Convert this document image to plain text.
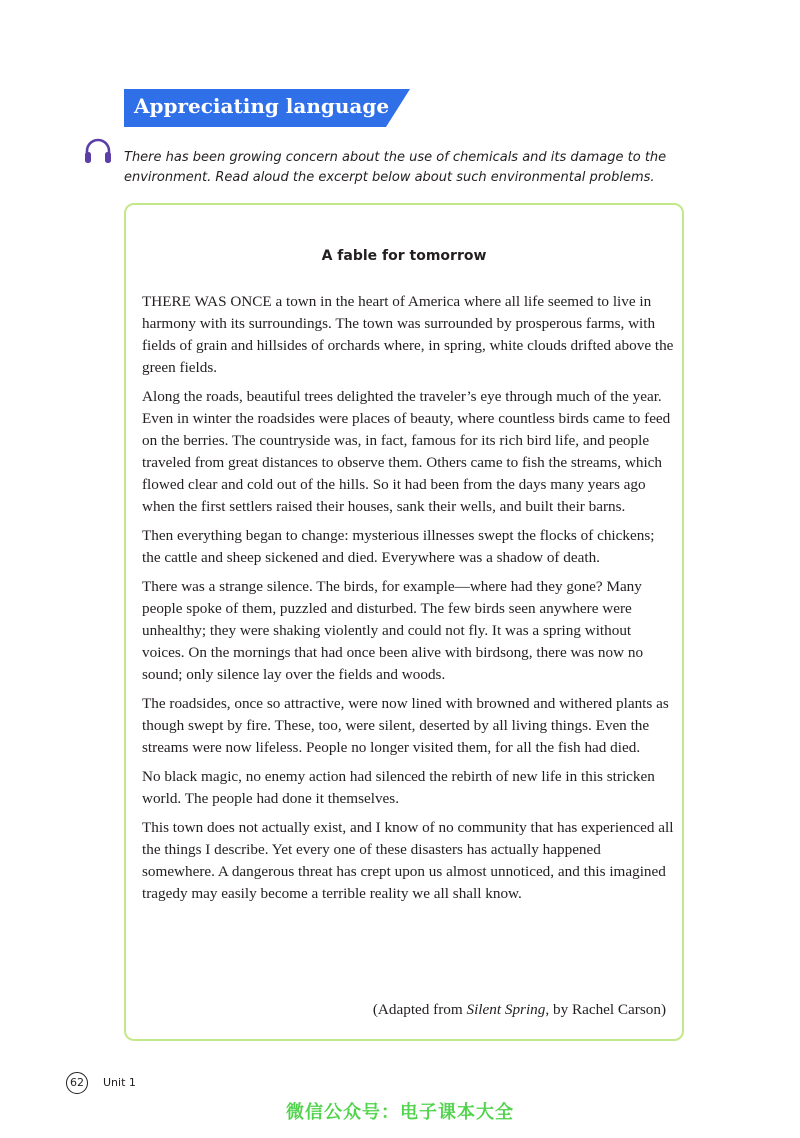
Appreciating language

There has been growing concern about the use of chemicals and its damage to the environment. Read aloud the excerpt below about such environmental problems.

A fable for tomorrow

THERE WAS ONCE a town in the heart of America where all life seemed to live in harmony with its surroundings. The town was surrounded by prosperous farms, with fields of grain and hillsides of orchards where, in spring, white clouds drifted above the green fields.

Along the roads, beautiful trees delighted the traveler’s eye through much of the year. Even in winter the roadsides were places of beauty, where countless birds came to feed on the berries. The countryside was, in fact, famous for its rich bird life, and people traveled from great distances to observe them. Others came to fish the streams, which flowed clear and cold out of the hills. So it had been from the days many years ago when the first settlers raised their houses, sank their wells, and built their barns.

Then everything began to change: mysterious illnesses swept the flocks of chickens; the cattle and sheep sickened and died. Everywhere was a shadow of death.

There was a strange silence. The birds, for example—where had they gone? Many people spoke of them, puzzled and disturbed. The few birds seen anywhere were unhealthy; they were shaking violently and could not fly. It was a spring without voices. On the mornings that had once been alive with birdsong, there was now no sound; only silence lay over the fields and woods.

The roadsides, once so attractive, were now lined with browned and withered plants as though swept by fire. These, too, were silent, deserted by all living things. Even the streams were now lifeless. People no longer visited them, for all the fish had died.

No black magic, no enemy action had silenced the rebirth of new life in this stricken world. The people had done it themselves.

This town does not actually exist, and I know of no community that has experienced all the things I describe. Yet every one of these disasters has actually happened somewhere. A dangerous threat has crept upon us almost unnoticed, and this imagined tragedy may easily become a terrible reality we all shall know.

(Adapted from Silent Spring, by Rachel Carson)
62	Unit 1
微信公众号：电子课本大全
